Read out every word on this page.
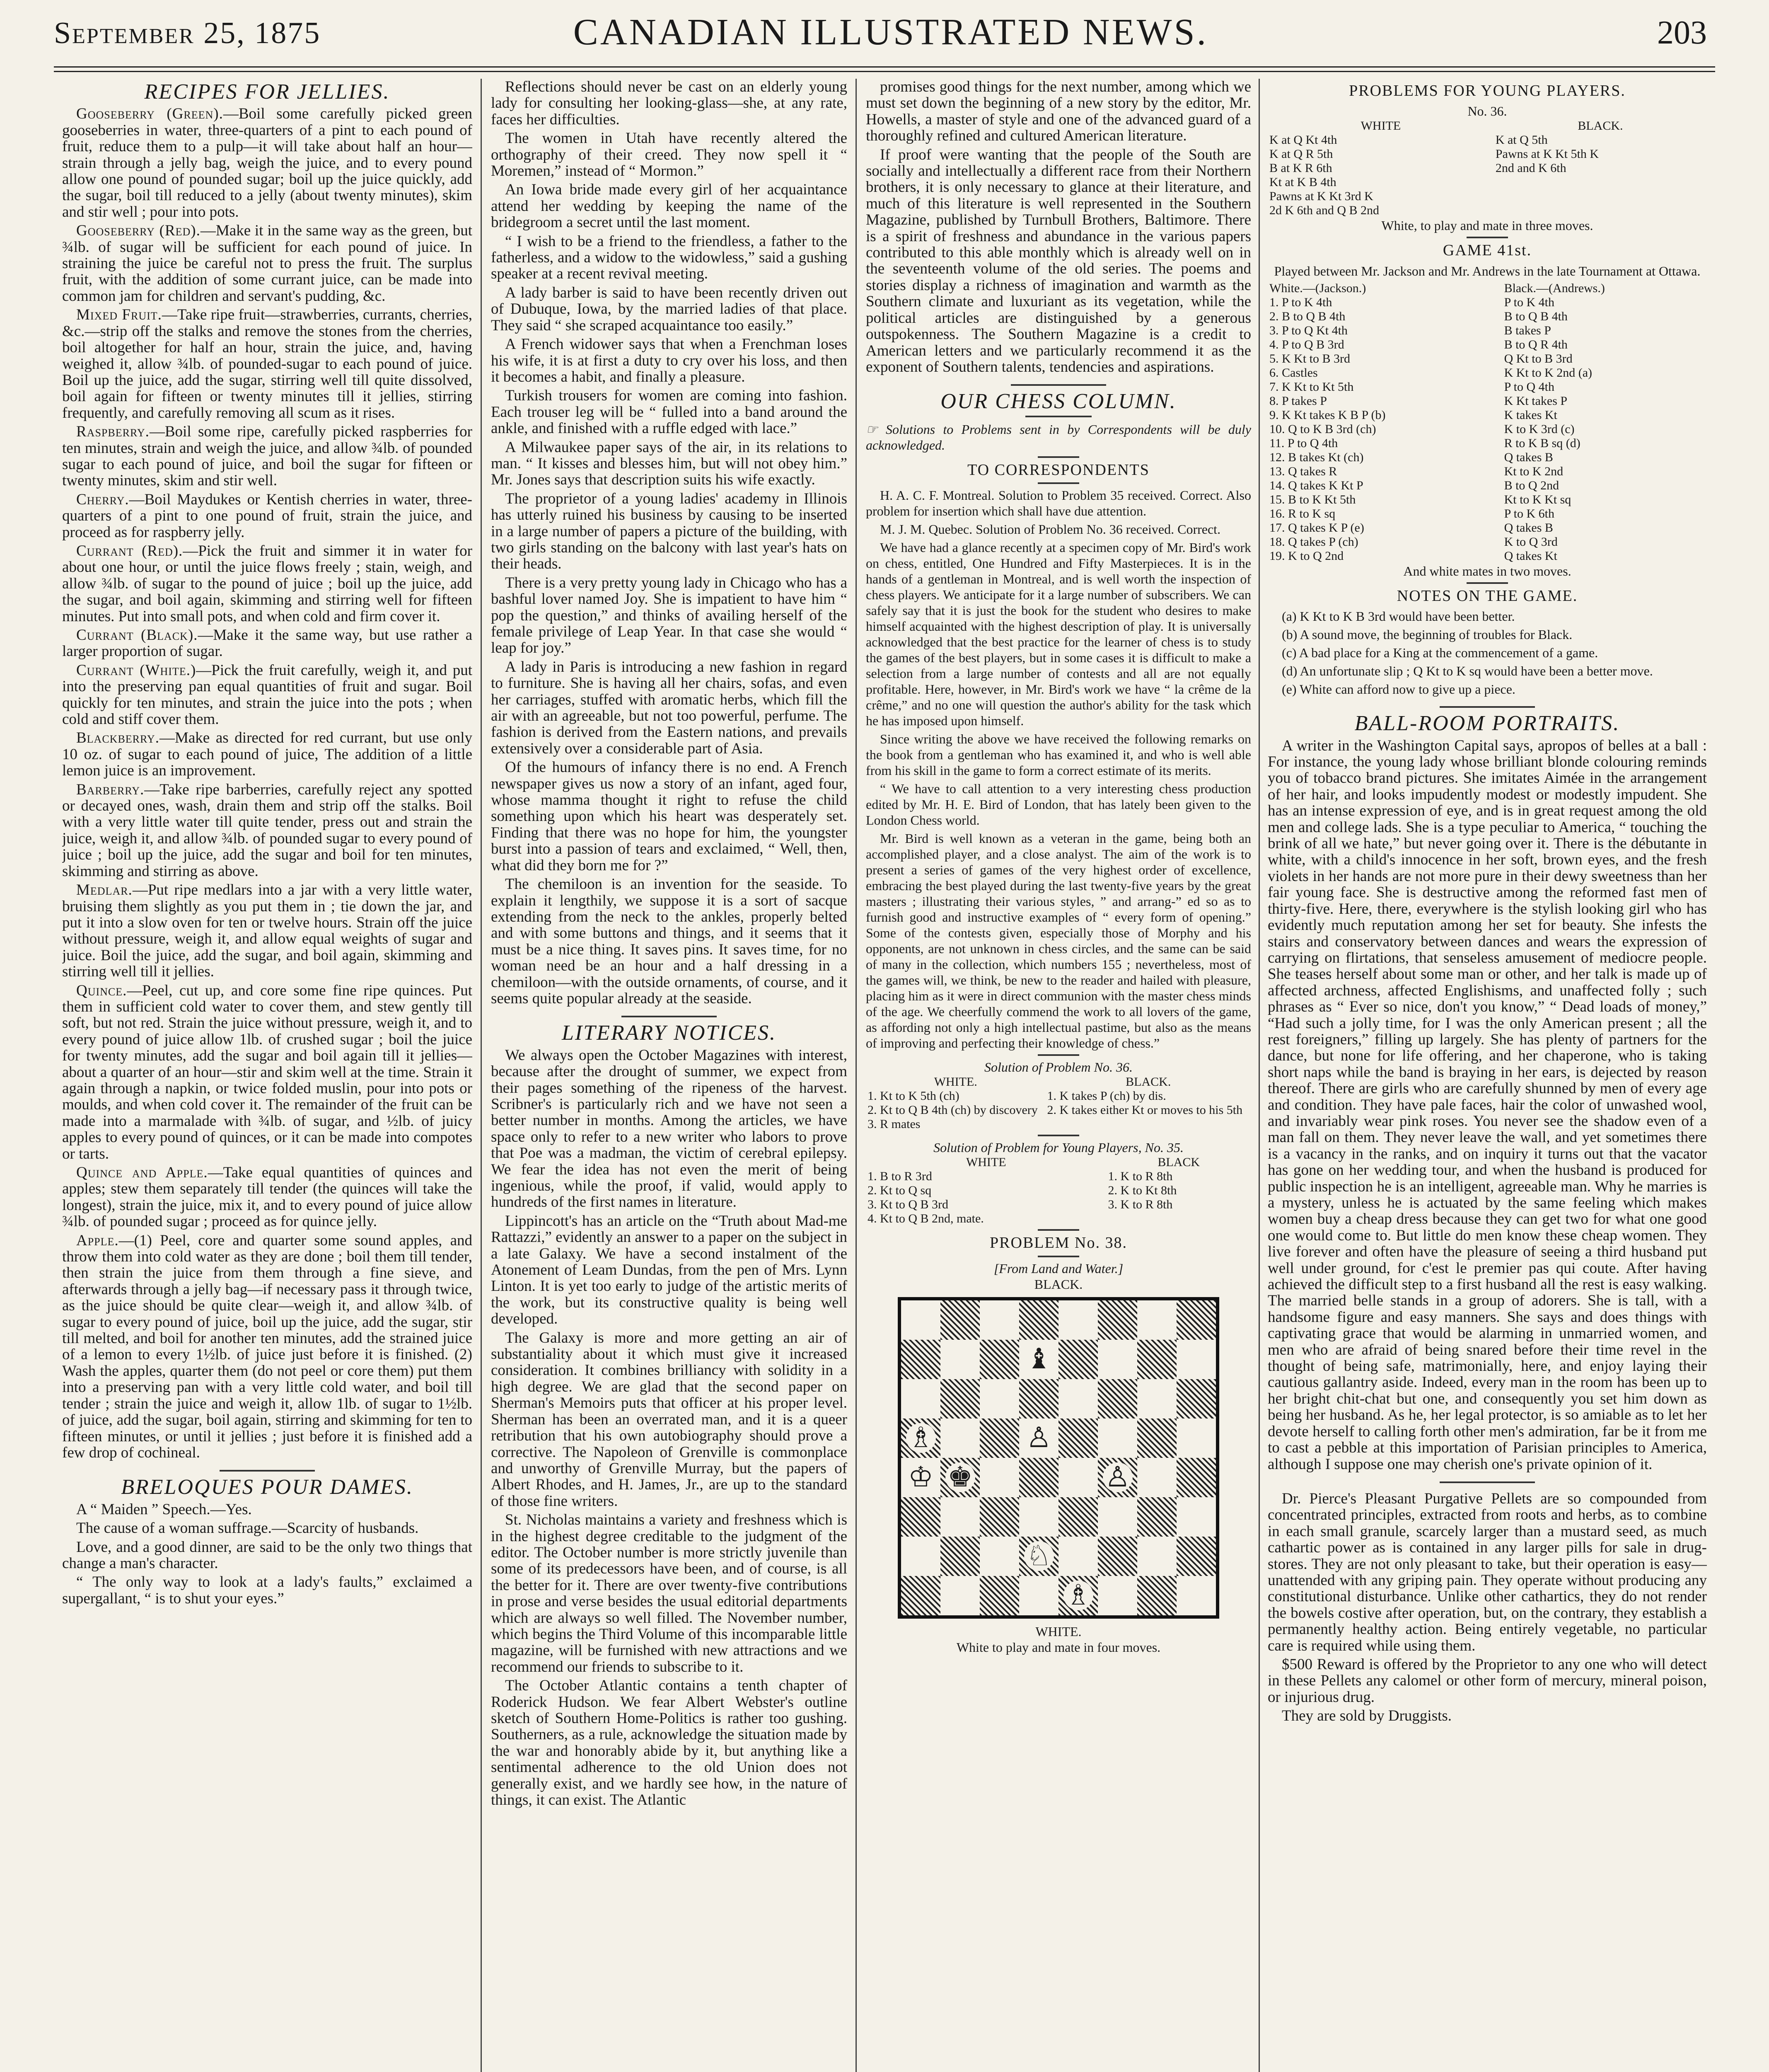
September 25, 1875	CANADIAN ILLUSTRATED NEWS.	203
RECIPES FOR JELLIES.

Gooseberry (Green).—Boil some carefully picked green gooseberries in water, three-quarters of a pint to each pound of fruit, reduce them to a pulp—it will take about half an hour—strain through a jelly bag, weigh the juice, and to every pound allow one pound of pounded sugar; boil up the juice quickly, add the sugar, boil till reduced to a jelly (about twenty minutes), skim and stir well ; pour into pots.

Gooseberry (Red).—Make it in the same way as the green, but ¾lb. of sugar will be sufficient for each pound of juice. In straining the juice be careful not to press the fruit. The surplus fruit, with the addition of some currant juice, can be made into common jam for children and servant's pudding, &c.

Mixed Fruit.—Take ripe fruit—strawberries, currants, cherries, &c.—strip off the stalks and remove the stones from the cherries, boil altogether for half an hour, strain the juice, and, having weighed it, allow ¾lb. of pounded-sugar to each pound of juice. Boil up the juice, add the sugar, stirring well till quite dissolved, boil again for fifteen or twenty minutes till it jellies, stirring frequently, and carefully removing all scum as it rises.

Raspberry.—Boil some ripe, carefully picked raspberries for ten minutes, strain and weigh the juice, and allow ¾lb. of pounded sugar to each pound of juice, and boil the sugar for fifteen or twenty minutes, skim and stir well.

Cherry.—Boil Maydukes or Kentish cherries in water, three-quarters of a pint to one pound of fruit, strain the juice, and proceed as for raspberry jelly.

Currant (Red).—Pick the fruit and simmer it in water for about one hour, or until the juice flows freely ; stain, weigh, and allow ¾lb. of sugar to the pound of juice ; boil up the juice, add the sugar, and boil again, skimming and stirring well for fifteen minutes. Put into small pots, and when cold and firm cover it.

Currant (Black).—Make it the same way, but use rather a larger proportion of sugar.

Currant (White.)—Pick the fruit carefully, weigh it, and put into the preserving pan equal quantities of fruit and sugar. Boil quickly for ten minutes, and strain the juice into the pots ; when cold and stiff cover them.

Blackberry.—Make as directed for red currant, but use only 10 oz. of sugar to each pound of juice, The addition of a little lemon juice is an improvement.

Barberry.—Take ripe barberries, carefully reject any spotted or decayed ones, wash, drain them and strip off the stalks. Boil with a very little water till quite tender, press out and strain the juice, weigh it, and allow ¾lb. of pounded sugar to every pound of juice ; boil up the juice, add the sugar and boil for ten minutes, skimming and stirring as above.

Medlar.—Put ripe medlars into a jar with a very little water, bruising them slightly as you put them in ; tie down the jar, and put it into a slow oven for ten or twelve hours. Strain off the juice without pressure, weigh it, and allow equal weights of sugar and juice. Boil the juice, add the sugar, and boil again, skimming and stirring well till it jellies.

Quince.—Peel, cut up, and core some fine ripe quinces. Put them in sufficient cold water to cover them, and stew gently till soft, but not red. Strain the juice without pressure, weigh it, and to every pound of juice allow 1lb. of crushed sugar ; boil the juice for twenty minutes, add the sugar and boil again till it jellies—about a quarter of an hour—stir and skim well at the time. Strain it again through a napkin, or twice folded muslin, pour into pots or moulds, and when cold cover it. The remainder of the fruit can be made into a marmalade with ¾lb. of sugar, and ½lb. of juicy apples to every pound of quinces, or it can be made into compotes or tarts.

Quince and Apple.—Take equal quantities of quinces and apples; stew them separately till tender (the quinces will take the longest), strain the juice, mix it, and to every pound of juice allow ¾lb. of pounded sugar ; proceed as for quince jelly.

Apple.—(1) Peel, core and quarter some sound apples, and throw them into cold water as they are done ; boil them till tender, then strain the juice from them through a fine sieve, and afterwards through a jelly bag—if necessary pass it through twice, as the juice should be quite clear—weigh it, and allow ¾lb. of sugar to every pound of juice, boil up the juice, add the sugar, stir till melted, and boil for another ten minutes, add the strained juice of a lemon to every 1½lb. of juice just before it is finished. (2) Wash the apples, quarter them (do not peel or core them) put them into a preserving pan with a very little cold water, and boil till tender ; strain the juice and weigh it, allow 1lb. of sugar to 1½lb. of juice, add the sugar, boil again, stirring and skimming for ten to fifteen minutes, or until it jellies ; just before it is finished add a few drop of cochineal.

BRELOQUES POUR DAMES.

A “ Maiden ” Speech.—Yes.

The cause of a woman suffrage.—Scarcity of husbands.

Love, and a good dinner, are said to be the only two things that change a man's character.

“ The only way to look at a lady's faults,” exclaimed a supergallant, “ is to shut your eyes.”

Reflections should never be cast on an elderly young lady for consulting her looking-glass—she, at any rate, faces her difficulties.

The women in Utah have recently altered the orthography of their creed. They now spell it “ Moremen,” instead of “ Mormon.”

An Iowa bride made every girl of her acquaintance attend her wedding by keeping the name of the bridegroom a secret until the last moment.

“ I wish to be a friend to the friendless, a father to the fatherless, and a widow to the widowless,” said a gushing speaker at a recent revival meeting.

A lady barber is said to have been recently driven out of Dubuque, Iowa, by the married ladies of that place. They said “ she scraped acquaintance too easily.”

A French widower says that when a Frenchman loses his wife, it is at first a duty to cry over his loss, and then it becomes a habit, and finally a pleasure.

Turkish trousers for women are coming into fashion. Each trouser leg will be “ fulled into a band around the ankle, and finished with a ruffle edged with lace.”

A Milwaukee paper says of the air, in its relations to man. “ It kisses and blesses him, but will not obey him.” Mr. Jones says that description suits his wife exactly.

The proprietor of a young ladies' academy in Illinois has utterly ruined his business by causing to be inserted in a large number of papers a picture of the building, with two girls standing on the balcony with last year's hats on their heads.

There is a very pretty young lady in Chicago who has a bashful lover named Joy. She is impatient to have him “ pop the question,” and thinks of availing herself of the female privilege of Leap Year. In that case she would “ leap for joy.”

A lady in Paris is introducing a new fashion in regard to furniture. She is having all her chairs, sofas, and even her carriages, stuffed with aromatic herbs, which fill the air with an agreeable, but not too powerful, perfume. The fashion is derived from the Eastern nations, and prevails extensively over a considerable part of Asia.

Of the humours of infancy there is no end. A French newspaper gives us now a story of an infant, aged four, whose mamma thought it right to refuse the child something upon which his heart was desperately set. Finding that there was no hope for him, the youngster burst into a passion of tears and exclaimed, “ Well, then, what did they born me for ?”

The chemiloon is an invention for the seaside. To explain it lengthily, we suppose it is a sort of sacque extending from the neck to the ankles, properly belted and with some buttons and things, and it seems that it must be a nice thing. It saves pins. It saves time, for no woman need be an hour and a half dressing in a chemiloon—with the outside ornaments, of course, and it seems quite popular already at the seaside.

LITERARY NOTICES.

We always open the October Magazines with interest, because after the drought of summer, we expect from their pages something of the ripeness of the harvest. Scribner's is particularly rich and we have not seen a better number in months. Among the articles, we have space only to refer to a new writer who labors to prove that Poe was a madman, the victim of cerebral epilepsy. We fear the idea has not even the merit of being ingenious, while the proof, if valid, would apply to hundreds of the first names in literature.

Lippincott's has an article on the “Truth about Mad-me Rattazzi,” evidently an answer to a paper on the subject in a late Galaxy. We have a second instalment of the Atonement of Leam Dundas, from the pen of Mrs. Lynn Linton. It is yet too early to judge of the artistic merits of the work, but its constructive quality is being well developed.

The Galaxy is more and more getting an air of substantiality about it which must give it increased consideration. It combines brilliancy with solidity in a high degree. We are glad that the second paper on Sherman's Memoirs puts that officer at his proper level. Sherman has been an overrated man, and it is a queer retribution that his own autobiography should prove a corrective. The Napoleon of Grenville is commonplace and unworthy of Grenville Murray, but the papers of Albert Rhodes, and H. James, Jr., are up to the standard of those fine writers.

St. Nicholas maintains a variety and freshness which is in the highest degree creditable to the judgment of the editor. The October number is more strictly juvenile than some of its predecessors have been, and of course, is all the better for it. There are over twenty-five contributions in prose and verse besides the usual editorial departments which are always so well filled. The November number, which begins the Third Volume of this incomparable little magazine, will be furnished with new attractions and we recommend our friends to subscribe to it.

The October Atlantic contains a tenth chapter of Roderick Hudson. We fear Albert Webster's outline sketch of Southern Home-Politics is rather too gushing. Southerners, as a rule, acknowledge the situation made by the war and honorably abide by it, but anything like a sentimental adherence to the old Union does not generally exist, and we hardly see how, in the nature of things, it can exist. The Atlantic

promises good things for the next number, among which we must set down the beginning of a new story by the editor, Mr. Howells, a master of style and one of the advanced guard of a thoroughly refined and cultured American literature.

If proof were wanting that the people of the South are socially and intellectually a different race from their Northern brothers, it is only necessary to glance at their literature, and much of this literature is well represented in the Southern Magazine, published by Turnbull Brothers, Baltimore. There is a spirit of freshness and abundance in the various papers contributed to this able monthly which is already well on in the seventeenth volume of the old series. The poems and stories display a richness of imagination and warmth as the Southern climate and luxuriant as its vegetation, while the political articles are distinguished by a generous outspokenness. The Southern Magazine is a credit to American letters and we particularly recommend it as the exponent of Southern talents, tendencies and aspirations.

OUR CHESS COLUMN.

☞ Solutions to Problems sent in by Correspondents will be duly acknowledged.

TO CORRESPONDENTS

H. A. C. F. Montreal. Solution to Problem 35 received. Correct. Also problem for insertion which shall have due attention.

M. J. M. Quebec. Solution of Problem No. 36 received. Correct.

We have had a glance recently at a specimen copy of Mr. Bird's work on chess, entitled, One Hundred and Fifty Masterpieces. It is in the hands of a gentleman in Montreal, and is well worth the inspection of chess players. We anticipate for it a large number of subscribers. We can safely say that it is just the book for the student who desires to make himself acquainted with the highest description of play. It is universally acknowledged that the best practice for the learner of chess is to study the games of the best players, but in some cases it is difficult to make a selection from a large number of contests and all are not equally profitable. Here, however, in Mr. Bird's work we have “ la crême de la crême,” and no one will question the author's ability for the task which he has imposed upon himself.

Since writing the above we have received the following remarks on the book from a gentleman who has examined it, and who is well able from his skill in the game to form a correct estimate of its merits.

“ We have to call attention to a very interesting chess production edited by Mr. H. E. Bird of London, that has lately been given to the London Chess world.

Mr. Bird is well known as a veteran in the game, being both an accomplished player, and a close analyst. The aim of the work is to present a series of games of the very highest order of excellence, embracing the best played during the last twenty-five years by the great masters ; illustrating their various styles, ” and arrang-” ed so as to furnish good and instructive examples of “ every form of opening.” Some of the contests given, especially those of Morphy and his opponents, are not unknown in chess circles, and the same can be said of many in the collection, which numbers 155 ; nevertheless, most of the games will, we think, be new to the reader and hailed with pleasure, placing him as it were in direct communion with the master chess minds of the age. We cheerfully commend the work to all lovers of the game, as affording not only a high intellectual pastime, but also as the means of improving and perfecting their knowledge of chess.”

Solution of Problem No. 36.
WHITE.	BLACK.
1. Kt to K 5th (ch)	1. K takes P (ch) by dis.
2. Kt to Q B 4th (ch) by discovery	2. K takes either Kt or moves to his 5th
3. R mates	
Solution of Problem for Young Players, No. 35.
WHITE	BLACK
1. B to R 3rd	1. K to R 8th
2. Kt to Q sq	2. K to Kt 8th
3. Kt to Q B 3rd	3. K to R 8th
4. Kt to Q B 2nd, mate.	
PROBLEM No. 38.
[From Land and Water.]
BLACK.
♝
♗	♙
♔ ♚	♙
♘
♗
WHITE.
White to play and mate in four moves.
PROBLEMS FOR YOUNG PLAYERS.
No. 36.
WHITE	BLACK.
K at Q Kt 4th	K at Q 5th
K at Q R 5th	Pawns at K Kt 5th K
B at K R 6th	2nd and K 6th
Kt at K B 4th	
Pawns at K Kt 3rd K	
2d K 6th and Q B 2nd	
White, to play and mate in three moves.
GAME 41st.

Played between Mr. Jackson and Mr. Andrews in the late Tournament at Ottawa.

White.—(Jackson.)	Black.—(Andrews.)
1. P to K 4th	P to K 4th
2. B to Q B 4th	B to Q B 4th
3. P to Q Kt 4th	B takes P
4. P to Q B 3rd	B to Q R 4th
5. K Kt to B 3rd	Q Kt to B 3rd
6. Castles	K Kt to K 2nd (a)
7. K Kt to Kt 5th	P to Q 4th
8. P takes P	K Kt takes P
9. K Kt takes K B P (b)	K takes Kt
10. Q to K B 3rd (ch)	K to K 3rd (c)
11. P to Q 4th	R to K B sq (d)
12. B takes Kt (ch)	Q takes B
13. Q takes R	Kt to K 2nd
14. Q takes K Kt P	B to Q 2nd
15. B to K Kt 5th	Kt to K Kt sq
16. R to K sq	P to K 6th
17. Q takes K P (e)	Q takes B
18. Q takes P (ch)	K to Q 3rd
19. K to Q 2nd	Q takes Kt
And white mates in two moves.
NOTES ON THE GAME.

(a) K Kt to K B 3rd would have been better.

(b) A sound move, the beginning of troubles for Black.

(c) A bad place for a King at the commencement of a game.

(d) An unfortunate slip ; Q Kt to K sq would have been a better move.

(e) White can afford now to give up a piece.

BALL-ROOM PORTRAITS.

A writer in the Washington Capital says, apropos of belles at a ball : For instance, the young lady whose brilliant blonde colouring reminds you of tobacco brand pictures. She imitates Aimée in the arrangement of her hair, and looks impudently modest or modestly impudent. She has an intense expression of eye, and is in great request among the old men and college lads. She is a type peculiar to America, “ touching the brink of all we hate,” but never going over it. There is the débutante in white, with a child's innocence in her soft, brown eyes, and the fresh violets in her hands are not more pure in their dewy sweetness than her fair young face. She is destructive among the reformed fast men of thirty-five. Here, there, everywhere is the stylish looking girl who has evidently much reputation among her set for beauty. She infests the stairs and conservatory between dances and wears the expression of carrying on flirtations, that senseless amusement of mediocre people. She teases herself about some man or other, and her talk is made up of affected archness, affected Englishisms, and unaffected folly ; such phrases as “ Ever so nice, don't you know,” “ Dead loads of money,” “Had such a jolly time, for I was the only American present ; all the rest foreigners,” filling up largely. She has plenty of partners for the dance, but none for life offering, and her chaperone, who is taking short naps while the band is braying in her ears, is dejected by reason thereof. There are girls who are carefully shunned by men of every age and condition. They have pale faces, hair the color of unwashed wool, and invariably wear pink roses. You never see the shadow even of a man fall on them. They never leave the wall, and yet sometimes there is a vacancy in the ranks, and on inquiry it turns out that the vacator has gone on her wedding tour, and when the husband is produced for public inspection he is an intelligent, agreeable man. Why he marries is a mystery, unless he is actuated by the same feeling which makes women buy a cheap dress because they can get two for what one good one would come to. But little do men know these cheap women. They live forever and often have the pleasure of seeing a third husband put well under ground, for c'est le premier pas qui coute. After having achieved the difficult step to a first husband all the rest is easy walking. The married belle stands in a group of adorers. She is tall, with a handsome figure and easy manners. She says and does things with captivating grace that would be alarming in unmarried women, and men who are afraid of being snared before their time revel in the thought of being safe, matrimonially, here, and enjoy laying their cautious gallantry aside. Indeed, every man in the room has been up to her bright chit-chat but one, and consequently you set him down as being her husband. As he, her legal protector, is so amiable as to let her devote herself to calling forth other men's admiration, far be it from me to cast a pebble at this importation of Parisian principles to America, although I suppose one may cherish one's private opinion of it.

Dr. Pierce's Pleasant Purgative Pellets are so compounded from concentrated principles, extracted from roots and herbs, as to combine in each small granule, scarcely larger than a mustard seed, as much cathartic power as is contained in any larger pills for sale in drug-stores. They are not only pleasant to take, but their operation is easy—unattended with any griping pain. They operate without producing any constitutional disturbance. Unlike other cathartics, they do not render the bowels costive after operation, but, on the contrary, they establish a permanently healthy action. Being entirely vegetable, no particular care is required while using them.

$500 Reward is offered by the Proprietor to any one who will detect in these Pellets any calomel or other form of mercury, mineral poison, or injurious drug.

They are sold by Druggists.
